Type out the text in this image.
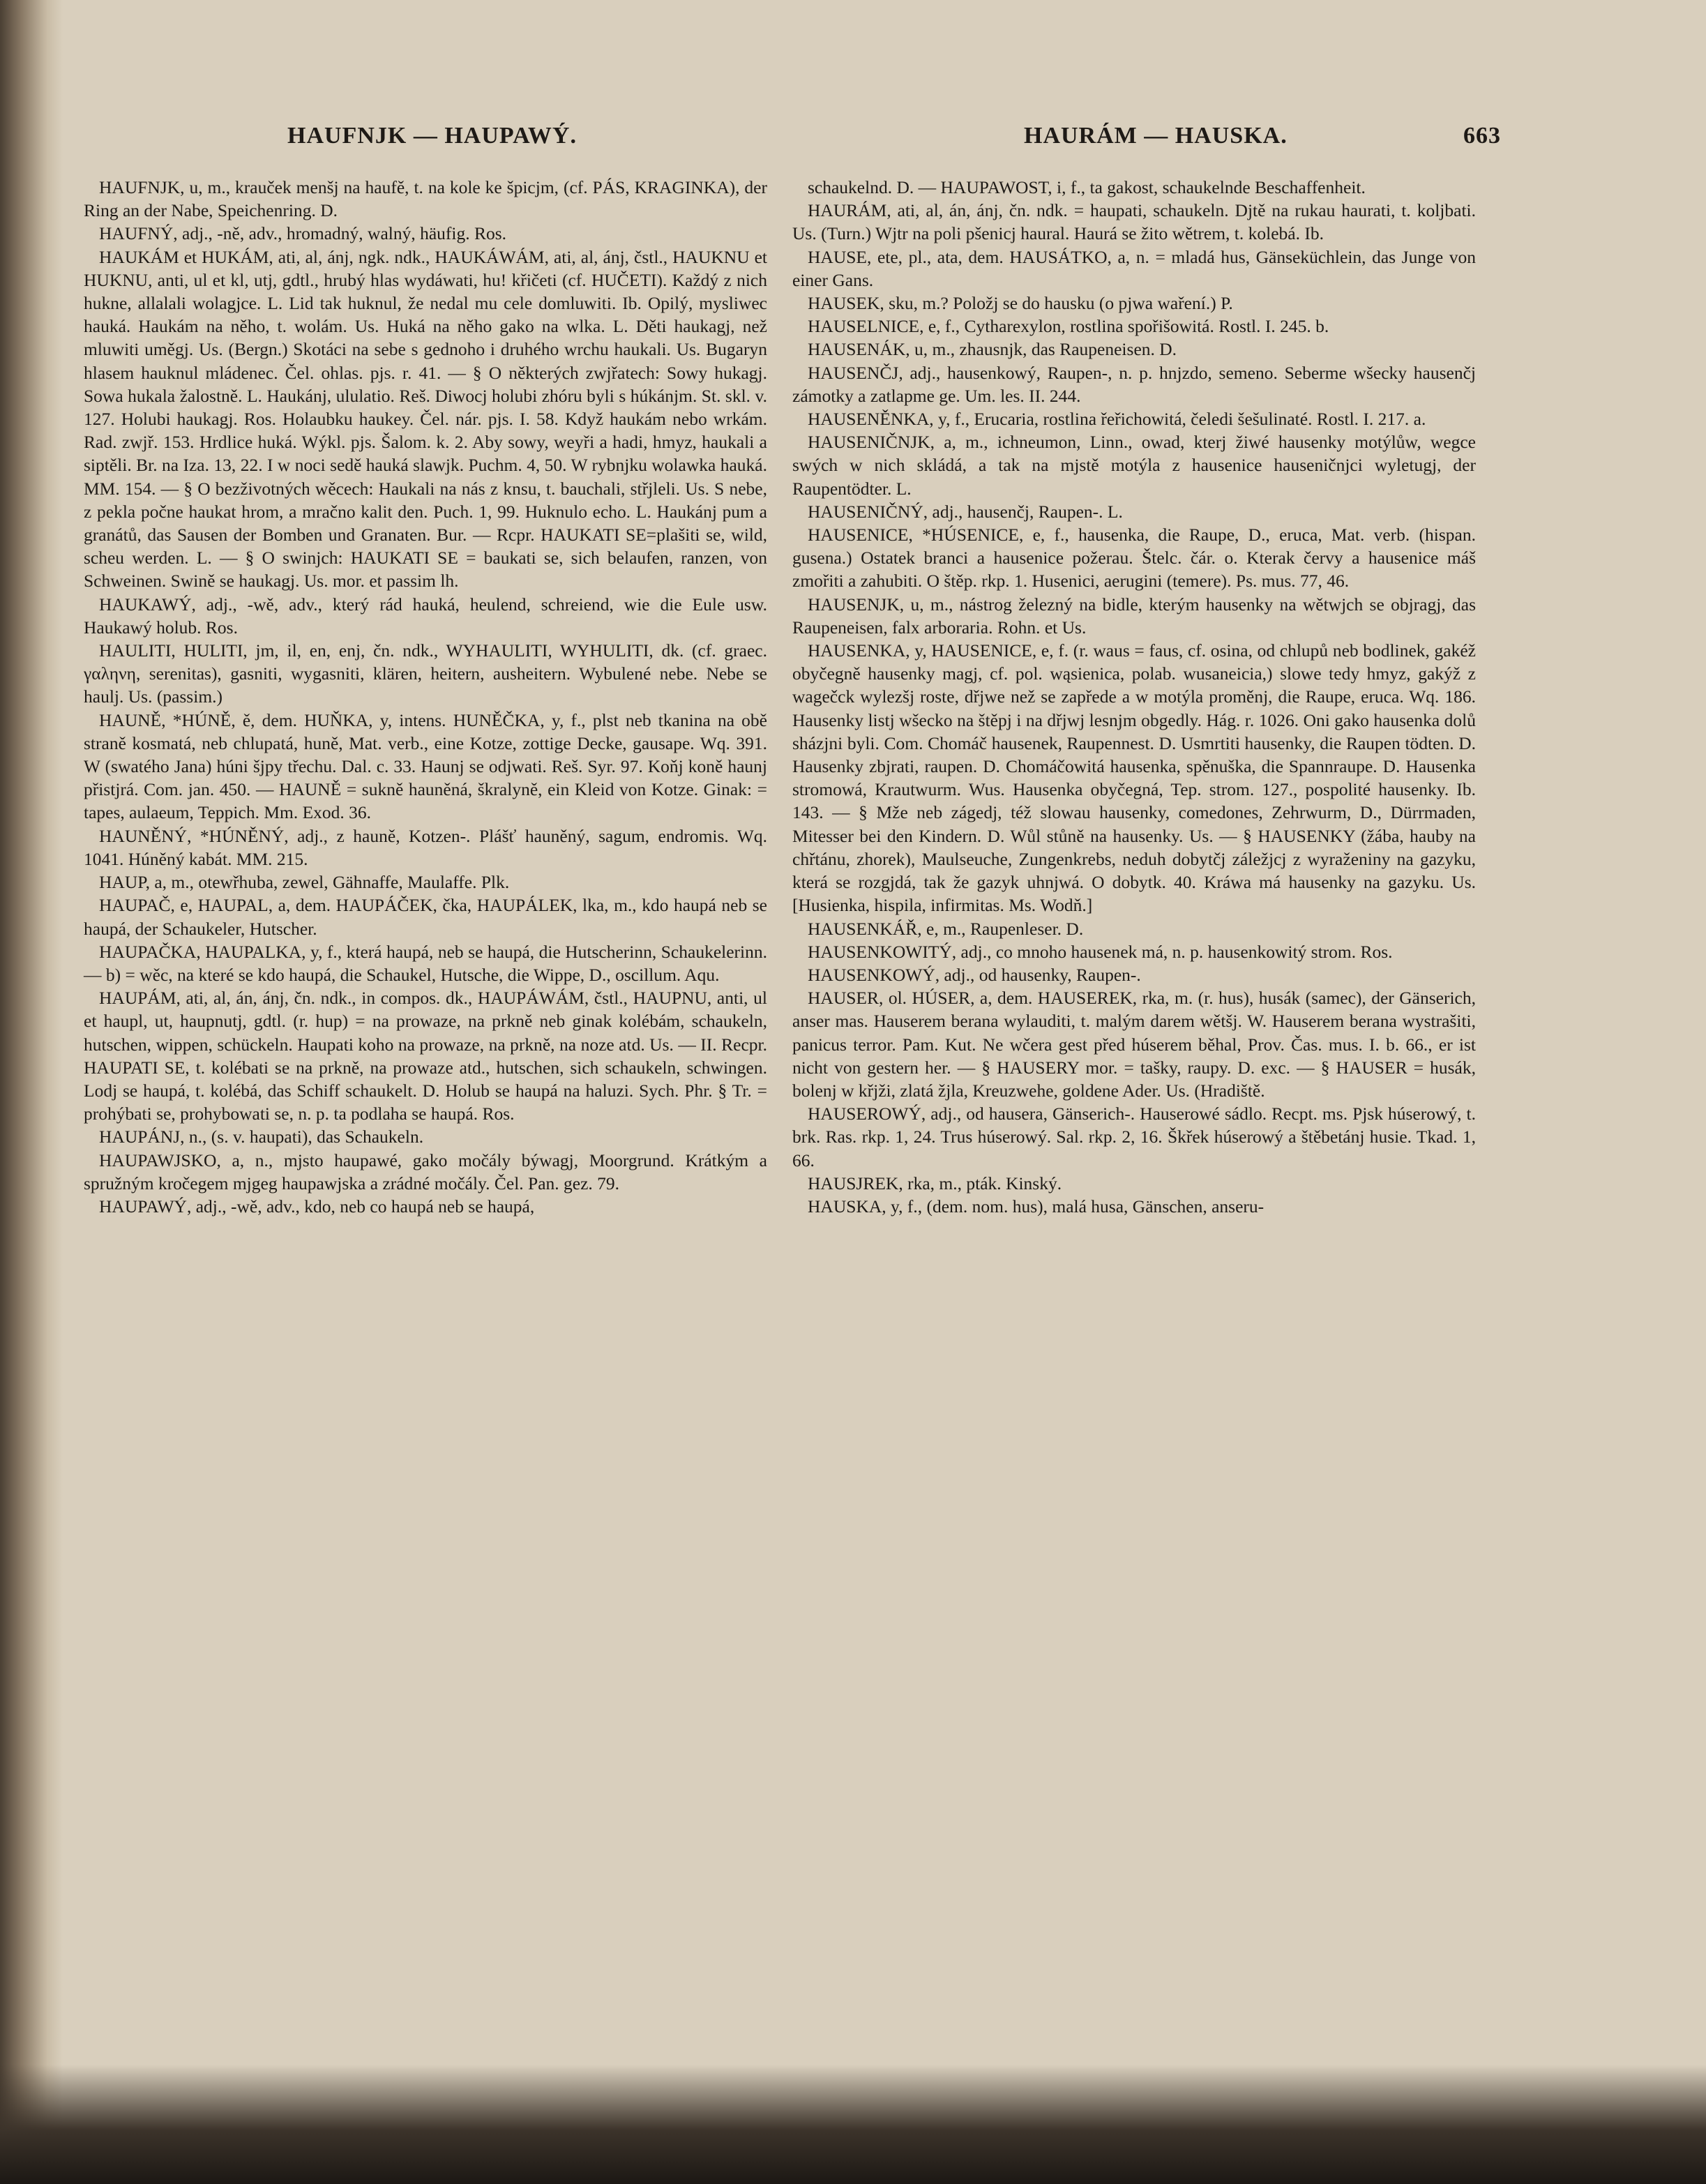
HAUFNJK — HAUPAWÝ.	HAURÁM — HAUSKA.	663

HAUFNJK, u, m., krauček menšj na haufě, t. na kole ke špicjm, (cf. PÁS, KRAGINKA), der Ring an der Nabe, Speichenring. D.

HAUFNÝ, adj., -ně, adv., hromadný, walný, häufig. Ros.

HAUKÁM et HUKÁM, ati, al, ánj, ngk. ndk., HAUKÁWÁM, ati, al, ánj, čstl., HAUKNU et HUKNU, anti, ul et kl, utj, gdtl., hrubý hlas wydáwati, hu! křičeti (cf. HUČETI). Každý z nich hukne, allalali wolagjce. L. Lid tak huknul, že nedal mu cele domluwiti. Ib. Opilý, mysliwec hauká. Haukám na něho, t. wolám. Us. Huká na něho gako na wlka. L. Děti haukagj, než mluwiti uměgj. Us. (Bergn.) Skotáci na sebe s gednoho i druhého wrchu haukali. Us. Bugaryn hlasem hauknul mládenec. Čel. ohlas. pjs. r. 41. — § O některých zwjřatech: Sowy hukagj. Sowa hukala žalostně. L. Haukánj, ululatio. Reš. Diwocj holubi zhóru byli s húkánjm. St. skl. v. 127. Holubi haukagj. Ros. Holaubku haukey. Čel. nár. pjs. I. 58. Když haukám nebo wrkám. Rad. zwjř. 153. Hrdlice huká. Wýkl. pjs. Šalom. k. 2. Aby sowy, weyři a hadi, hmyz, haukali a siptěli. Br. na Iza. 13, 22. I w noci sedě hauká slawjk. Puchm. 4, 50. W rybnjku wolawka hauká. MM. 154. — § O bezživotných wěcech: Haukali na nás z knsu, t. bauchali, střjleli. Us. S nebe, z pekla počne haukat hrom, a mračno kalit den. Puch. 1, 99. Huknulo echo. L. Haukánj pum a granátů, das Sausen der Bomben und Granaten. Bur. — Rcpr. HAUKATI SE=plašiti se, wild, scheu werden. L. — § O swinjch: HAUKATI SE = baukati se, sich belaufen, ranzen, von Schweinen. Swině se haukagj. Us. mor. et passim lh.

HAUKAWÝ, adj., -wě, adv., který rád hauká, heulend, schreiend, wie die Eule usw. Haukawý holub. Ros.

HAULITI, HULITI, jm, il, en, enj, čn. ndk., WYHAULITI, WYHULITI, dk. (cf. graec. γαληνη, serenitas), gasniti, wygasniti, klären, heitern, ausheitern. Wybulené nebe. Nebe se haulj. Us. (passim.)

HAUNĚ, *HÚNĚ, ě, dem. HUŇKA, y, intens. HUNĚČKA, y, f., plst neb tkanina na obě straně kosmatá, neb chlupatá, huně, Mat. verb., eine Kotze, zottige Decke, gausape. Wq. 391. W (swatého Jana) húni šjpy třechu. Dal. c. 33. Haunj se odjwati. Reš. Syr. 97. Koňj koně haunj přistjrá. Com. jan. 450. — HAUNĚ = sukně hauněná, škralyně, ein Kleid von Kotze. Ginak: = tapes, aulaeum, Teppich. Mm. Exod. 36.

HAUNĚNÝ, *HÚNĚNÝ, adj., z hauně, Kotzen-. Plášť hauněný, sagum, endromis. Wq. 1041. Húněný kabát. MM. 215.

HAUP, a, m., otewřhuba, zewel, Gähnaffe, Maulaffe. Plk.

HAUPAČ, e, HAUPAL, a, dem. HAUPÁČEK, čka, HAUPÁLEK, lka, m., kdo haupá neb se haupá, der Schaukeler, Hutscher.

HAUPAČKA, HAUPALKA, y, f., která haupá, neb se haupá, die Hutscherinn, Schaukelerinn. — b) = wěc, na které se kdo haupá, die Schaukel, Hutsche, die Wippe, D., oscillum. Aqu.

HAUPÁM, ati, al, án, ánj, čn. ndk., in compos. dk., HAUPÁWÁM, čstl., HAUPNU, anti, ul et haupl, ut, haupnutj, gdtl. (r. hup) = na prowaze, na prkně neb ginak kolébám, schaukeln, hutschen, wippen, schückeln. Haupati koho na prowaze, na prkně, na noze atd. Us. — II. Recpr. HAUPATI SE, t. kolébati se na prkně, na prowaze atd., hutschen, sich schaukeln, schwingen. Lodj se haupá, t. kolébá, das Schiff schaukelt. D. Holub se haupá na haluzi. Sych. Phr. § Tr. = prohýbati se, prohybowati se, n. p. ta podlaha se haupá. Ros.

HAUPÁNJ, n., (s. v. haupati), das Schaukeln.

HAUPAWJSKO, a, n., mjsto haupawé, gako močály býwagj, Moorgrund. Krátkým a spružným kročegem mjgeg haupawjska a zrádné močály. Čel. Pan. gez. 79.

HAUPAWÝ, adj., -wě, adv., kdo, neb co haupá neb se haupá,

schaukelnd. D. — HAUPAWOST, i, f., ta gakost, schaukelnde Beschaffenheit.

HAURÁM, ati, al, án, ánj, čn. ndk. = haupati, schaukeln. Djtě na rukau haurati, t. koljbati. Us. (Turn.) Wjtr na poli pšenicj haural. Haurá se žito wětrem, t. kolebá. Ib.

HAUSE, ete, pl., ata, dem. HAUSÁTKO, a, n. = mladá hus, Gänseküchlein, das Junge von einer Gans.

HAUSEK, sku, m.? Položj se do hausku (o pjwa waření.) P.

HAUSELNICE, e, f., Cytharexylon, rostlina spořišowitá. Rostl. I. 245. b.

HAUSENÁK, u, m., zhausnjk, das Raupeneisen. D.

HAUSENČJ, adj., hausenkowý, Raupen-, n. p. hnjzdo, semeno. Seberme wšecky hausenčj zámotky a zatlapme ge. Um. les. II. 244.

HAUSENĚNKA, y, f., Erucaria, rostlina řeřichowitá, čeledi šešulinaté. Rostl. I. 217. a.

HAUSENIČNJK, a, m., ichneumon, Linn., owad, kterj žiwé hausenky motýlůw, wegce swých w nich skládá, a tak na mjstě motýla z hausenice hauseničnjci wyletugj, der Raupentödter. L.

HAUSENIČNÝ, adj., hausenčj, Raupen-. L.

HAUSENICE, *HÚSENICE, e, f., hausenka, die Raupe, D., eruca, Mat. verb. (hispan. gusena.) Ostatek branci a hausenice požerau. Štelc. čár. o. Kterak červy a hausenice máš zmořiti a zahubiti. O štěp. rkp. 1. Husenici, aerugini (temere). Ps. mus. 77, 46.

HAUSENJK, u, m., nástrog železný na bidle, kterým hausenky na wětwjch se objragj, das Raupeneisen, falx arboraria. Rohn. et Us.

HAUSENKA, y, HAUSENICE, e, f. (r. waus = faus, cf. osina, od chlupů neb bodlinek, gakéž obyčegně hausenky magj, cf. pol. wąsienica, polab. wusaneicia,) slowe tedy hmyz, gakýž z wagečck wylezšj roste, dřjwe než se zapřede a w motýla proměnj, die Raupe, eruca. Wq. 186. Hausenky listj wšecko na štěpj i na dřjwj lesnjm obgedly. Hág. r. 1026. Oni gako hausenka dolů sházjni byli. Com. Chomáč hausenek, Raupennest. D. Usmrtiti hausenky, die Raupen tödten. D. Hausenky zbjrati, raupen. D. Chomáčowitá hausenka, spěnuška, die Spannraupe. D. Hausenka stromowá, Krautwurm. Wus. Hausenka obyčegná, Tep. strom. 127., pospolité hausenky. Ib. 143. — § Mže neb zágedj, též slowau hausenky, comedones, Zehrwurm, D., Dürrmaden, Mitesser bei den Kindern. D. Wůl stůně na hausenky. Us. — § HAUSENKY (žába, hauby na chřtánu, zhorek), Maulseuche, Zungenkrebs, neduh dobytčj záležjcj z wyraženiny na gazyku, která se rozgjdá, tak že gazyk uhnjwá. O dobytk. 40. Kráwa má hausenky na gazyku. Us. [Husienka, hispila, infirmitas. Ms. Wodň.]

HAUSENKÁŘ, e, m., Raupenleser. D.

HAUSENKOWITÝ, adj., co mnoho hausenek má, n. p. hausenkowitý strom. Ros.

HAUSENKOWÝ, adj., od hausenky, Raupen-.

HAUSER, ol. HÚSER, a, dem. HAUSEREK, rka, m. (r. hus), husák (samec), der Gänserich, anser mas. Hauserem berana wylauditi, t. malým darem wětšj. W. Hauserem berana wystrašiti, panicus terror. Pam. Kut. Ne wčera gest před húserem běhal, Prov. Čas. mus. I. b. 66., er ist nicht von gestern her. — § HAUSERY mor. = tašky, raupy. D. exc. — § HAUSER = husák, bolenj w křjži, zlatá žjla, Kreuzwehe, goldene Ader. Us. (Hradiště.

HAUSEROWÝ, adj., od hausera, Gänserich-. Hauserowé sádlo. Recpt. ms. Pjsk húserowý, t. brk. Ras. rkp. 1, 24. Trus húserowý. Sal. rkp. 2, 16. Škřek húserowý a štěbetánj husie. Tkad. 1, 66.

HAUSJREK, rka, m., pták. Kinský.

HAUSKA, y, f., (dem. nom. hus), malá husa, Gänschen, anseru-
